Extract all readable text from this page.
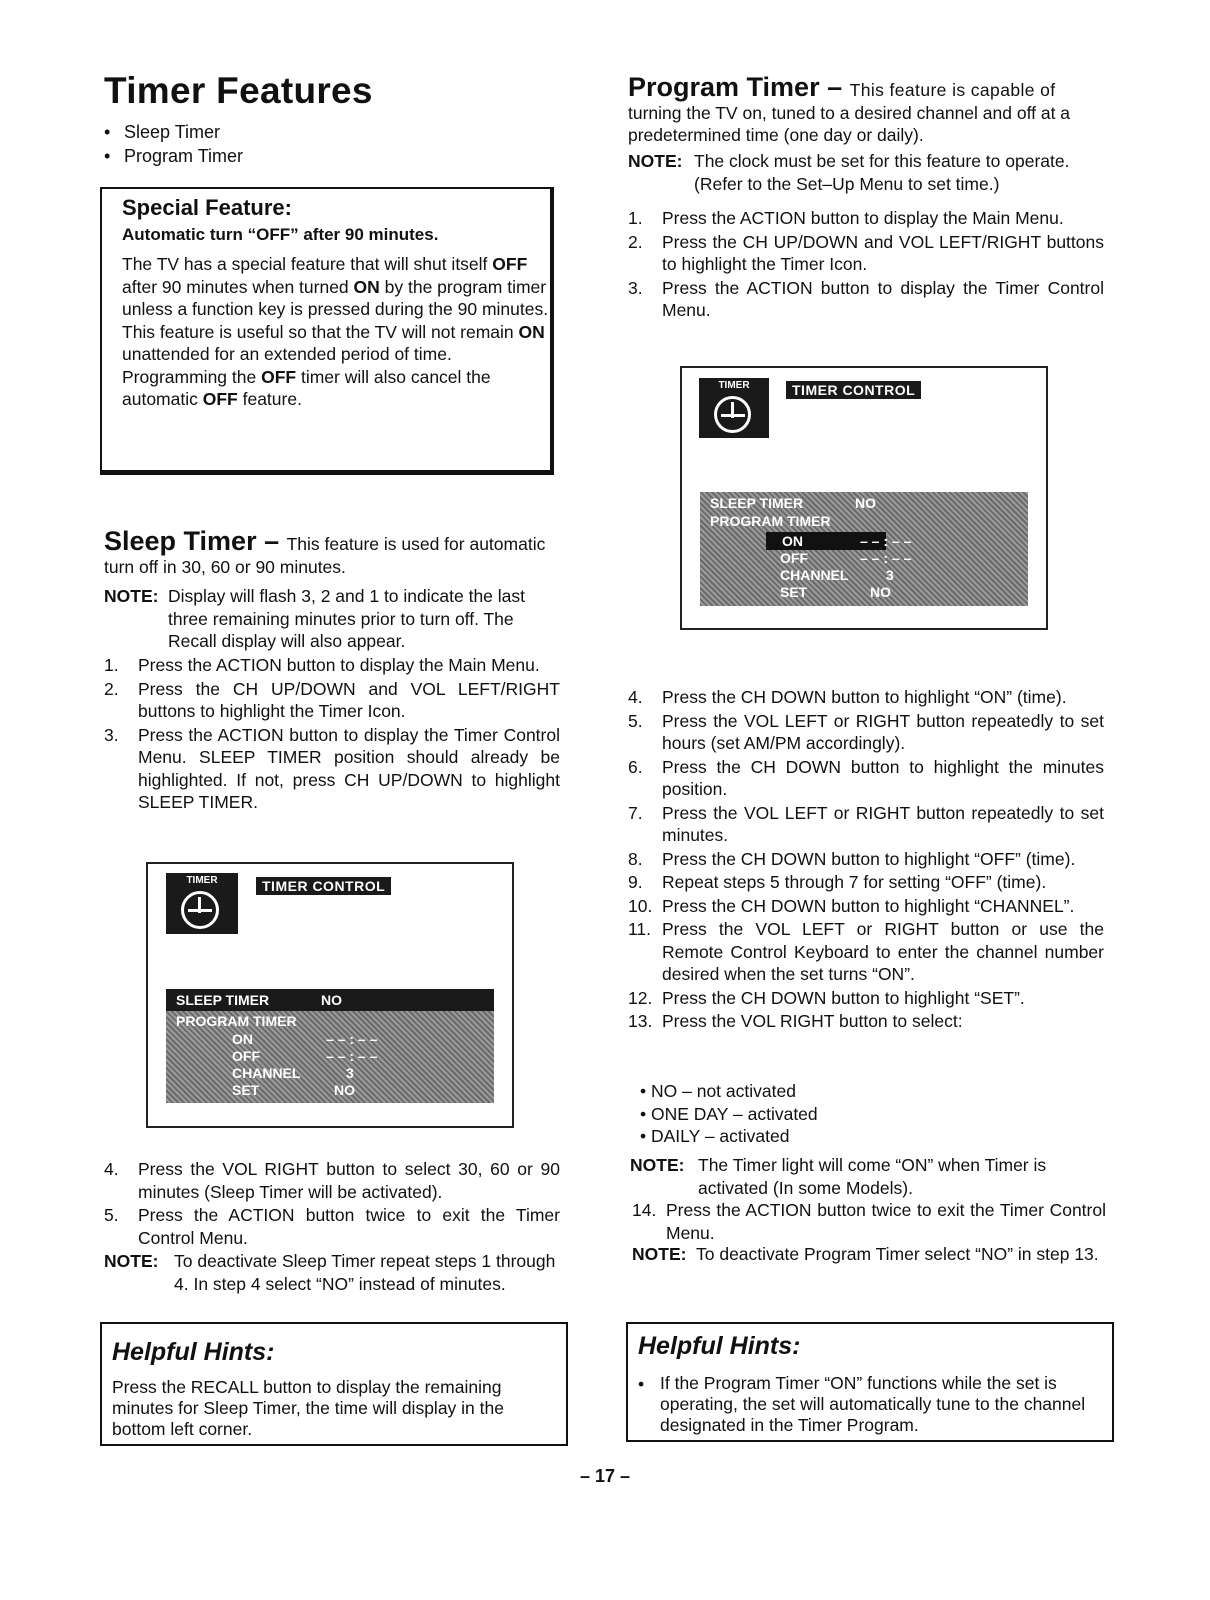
Timer Features
• Sleep Timer
• Program Timer
Special Feature:
Automatic turn “OFF” after 90 minutes.

The TV has a special feature that will shut itself OFF after 90 minutes when turned ON by the program timer unless a function key is pressed during the 90 minutes.

This feature is useful so that the TV will not remain ON unattended for an extended period of time.

Programming the OFF timer will also cancel the automatic OFF feature.

Sleep Timer – This feature is used for automatic turn off in 30, 60 or 90 minutes.
NOTE: Display will flash 3, 2 and 1 to indicate the last three remaining minutes prior to turn off. The Recall display will also appear.
1. Press the ACTION button to display the Main Menu.
2. Press the CH UP/DOWN and VOL LEFT/RIGHT buttons to highlight the Timer Icon.
3. Press the ACTION button to display the Timer Control Menu. SLEEP TIMER position should already be highlighted. If not, press CH UP/DOWN to highlight SLEEP TIMER.
TIMER	TIMER CONTROL
SLEEP TIMER	NO
PROGRAM TIMER
ON	– – : – –
OFF	– – : – –
CHANNEL	3
SET	NO
4. Press the VOL RIGHT button to select 30, 60 or 90 minutes (Sleep Timer will be activated).
5. Press the ACTION button twice to exit the Timer Control Menu.
NOTE: To deactivate Sleep Timer repeat steps 1 through 4. In step 4 select “NO” instead of minutes.
Helpful Hints:

Press the RECALL button to display the remaining minutes for Sleep Timer, the time will display in the bottom left corner.

Program Timer – This feature is capable of
turning the TV on, tuned to a desired channel and off at a predetermined time (one day or daily).
NOTE: The clock must be set for this feature to operate. (Refer to the Set–Up Menu to set time.)
1. Press the ACTION button to display the Main Menu.
2. Press the CH UP/DOWN and VOL LEFT/RIGHT buttons to highlight the Timer Icon.
3. Press the ACTION button to display the Timer Control Menu.
TIMER	TIMER CONTROL
SLEEP TIMER	NO
PROGRAM TIMER
ON	– – : – –
OFF	– – : – –
CHANNEL	3
SET	NO
4. Press the CH DOWN button to highlight “ON” (time).
5. Press the VOL LEFT or RIGHT button repeatedly to set hours (set AM/PM accordingly).
6. Press the CH DOWN button to highlight the minutes position.
7. Press the VOL LEFT or RIGHT button repeatedly to set minutes.
8. Press the CH DOWN button to highlight “OFF” (time).
9. Repeat steps 5 through 7 for setting “OFF” (time).
10. Press the CH DOWN button to highlight “CHANNEL”.
11. Press the VOL LEFT or RIGHT button or use the Remote Control Keyboard to enter the channel number desired when the set turns “ON”.
12. Press the CH DOWN button to highlight “SET”.
13. Press the VOL RIGHT button to select:
• NO – not activated
• ONE DAY – activated
• DAILY – activated
NOTE: The Timer light will come “ON” when Timer is activated (In some Models).
14. Press the ACTION button twice to exit the Timer Control Menu.
NOTE: To deactivate Program Timer select “NO” in step 13.
Helpful Hints:
• If the Program Timer “ON” functions while the set is operating, the set will automatically tune to the channel designated in the Timer Program.

– 17 –
